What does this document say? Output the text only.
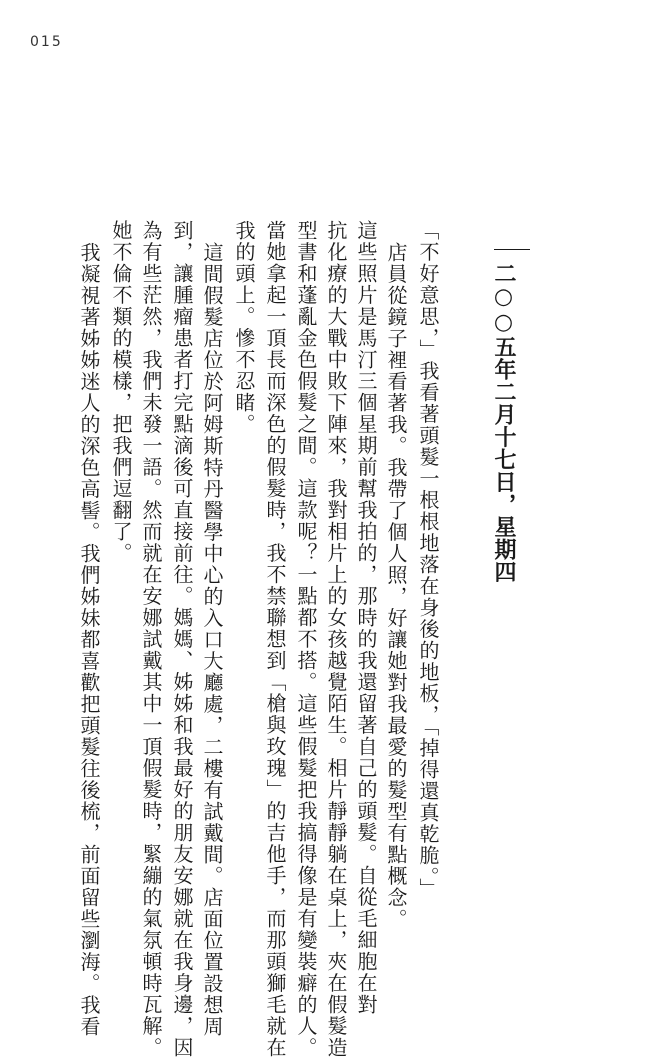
015
二○○五年二月十七日，星期四
「不好意思，」我看著頭髮一根根地落在身後的地板，「掉得還真乾脆。」
店員從鏡子裡看著我。我帶了個人照，好讓她對我最愛的髮型有點概念。
這些照片是馬汀三個星期前幫我拍的，那時的我還留著自己的頭髮。自從毛細胞在對
抗化療的大戰中敗下陣來，我對相片上的女孩越覺陌生。相片靜靜躺在桌上，夾在假髮造
型書和蓬亂金色假髮之間。這款呢？一點都不搭。這些假髮把我搞得像是有變裝癖的人。
當她拿起一頂長而深色的假髮時，我不禁聯想到「槍與玫瑰」的吉他手，而那頭獅毛就在
我的頭上。慘不忍睹。
這間假髮店位於阿姆斯特丹醫學中心的入口大廳處，二樓有試戴間。店面位置設想周
到，讓腫瘤患者打完點滴後可直接前往。媽媽、姊姊和我最好的朋友安娜就在我身邊，因
為有些茫然，我們未發一語。然而就在安娜試戴其中一頂假髮時，緊繃的氣氛頓時瓦解。
她不倫不類的模樣，把我們逗翻了。
我凝視著姊姊迷人的深色高髻。我們姊妹都喜歡把頭髮往後梳，前面留些瀏海。我看
